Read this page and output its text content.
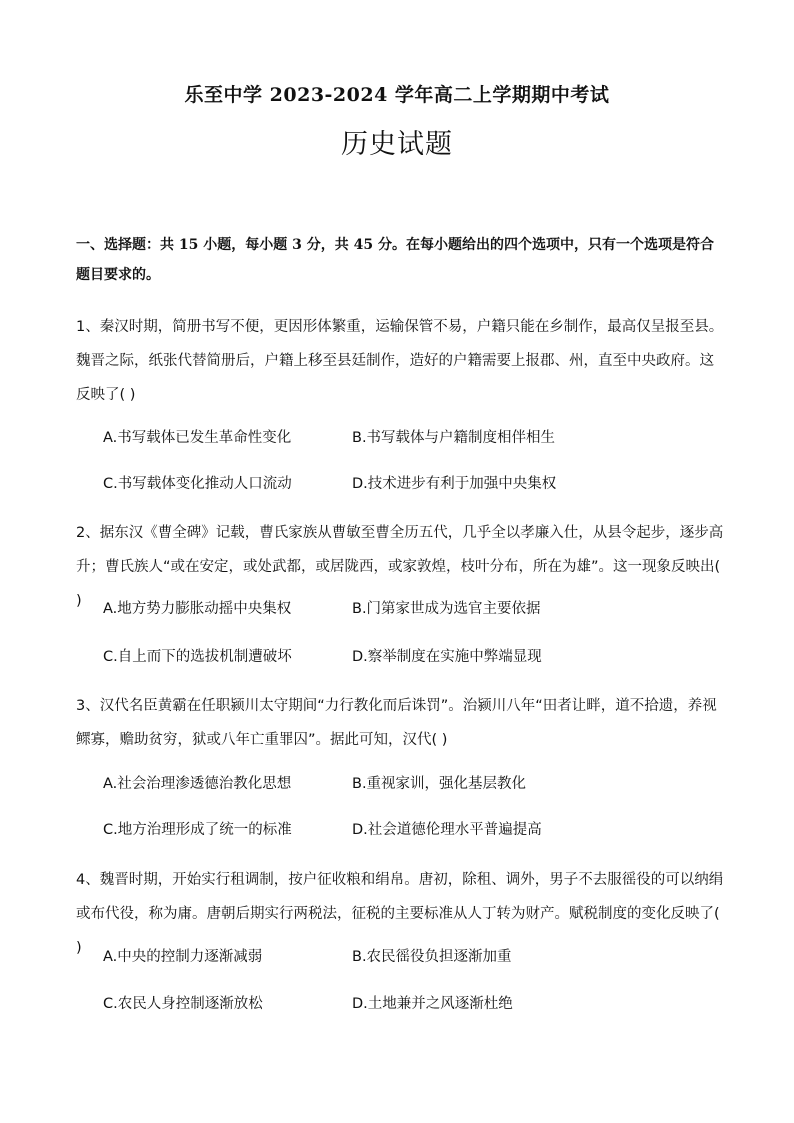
乐至中学 2023-2024 学年高二上学期期中考试
历史试题
一、选择题：共 15 小题，每小题 3 分，共 45 分。在每小题给出的四个选项中，只有一个选项是符合题目要求的。
1、秦汉时期，简册书写不便，更因形体繁重，运输保管不易，户籍只能在乡制作，最高仅呈报至县。魏晋之际，纸张代替简册后，户籍上移至县廷制作，造好的户籍需要上报郡、州，直至中央政府。这反映了( )
A.书写载体已发生革命性变化	B.书写载体与户籍制度相伴相生
C.书写载体变化推动人口流动	D.技术进步有利于加强中央集权
2、据东汉《曹全碑》记载，曹氏家族从曹敏至曹全历五代，几乎全以孝廉入仕，从县令起步，逐步高升；曹氏族人“或在安定，或处武都，或居陇西，或家敦煌，枝叶分布，所在为雄”。这一现象反映出( )	A.地方势力膨胀动摇中央集权	B.门第家世成为选官主要依据
C.自上而下的选拔机制遭破坏	D.察举制度在实施中弊端显现
3、汉代名臣黄霸在任职颍川太守期间“力行教化而后诛罚”。治颍川八年“田者让畔，道不拾遗，养视鳏寡，赡助贫穷，狱或八年亡重罪囚”。据此可知，汉代( )
A.社会治理渗透德治教化思想	B.重视家训，强化基层教化
C.地方治理形成了统一的标准	D.社会道德伦理水平普遍提高
4、魏晋时期，开始实行租调制，按户征收粮和绢帛。唐初，除租、调外，男子不去服徭役的可以纳绢或布代役，称为庸。唐朝后期实行两税法，征税的主要标准从人丁转为财产。赋税制度的变化反映了( )
A.中央的控制力逐渐减弱	B.农民徭役负担逐渐加重
C.农民人身控制逐渐放松	D.土地兼并之风逐渐杜绝
